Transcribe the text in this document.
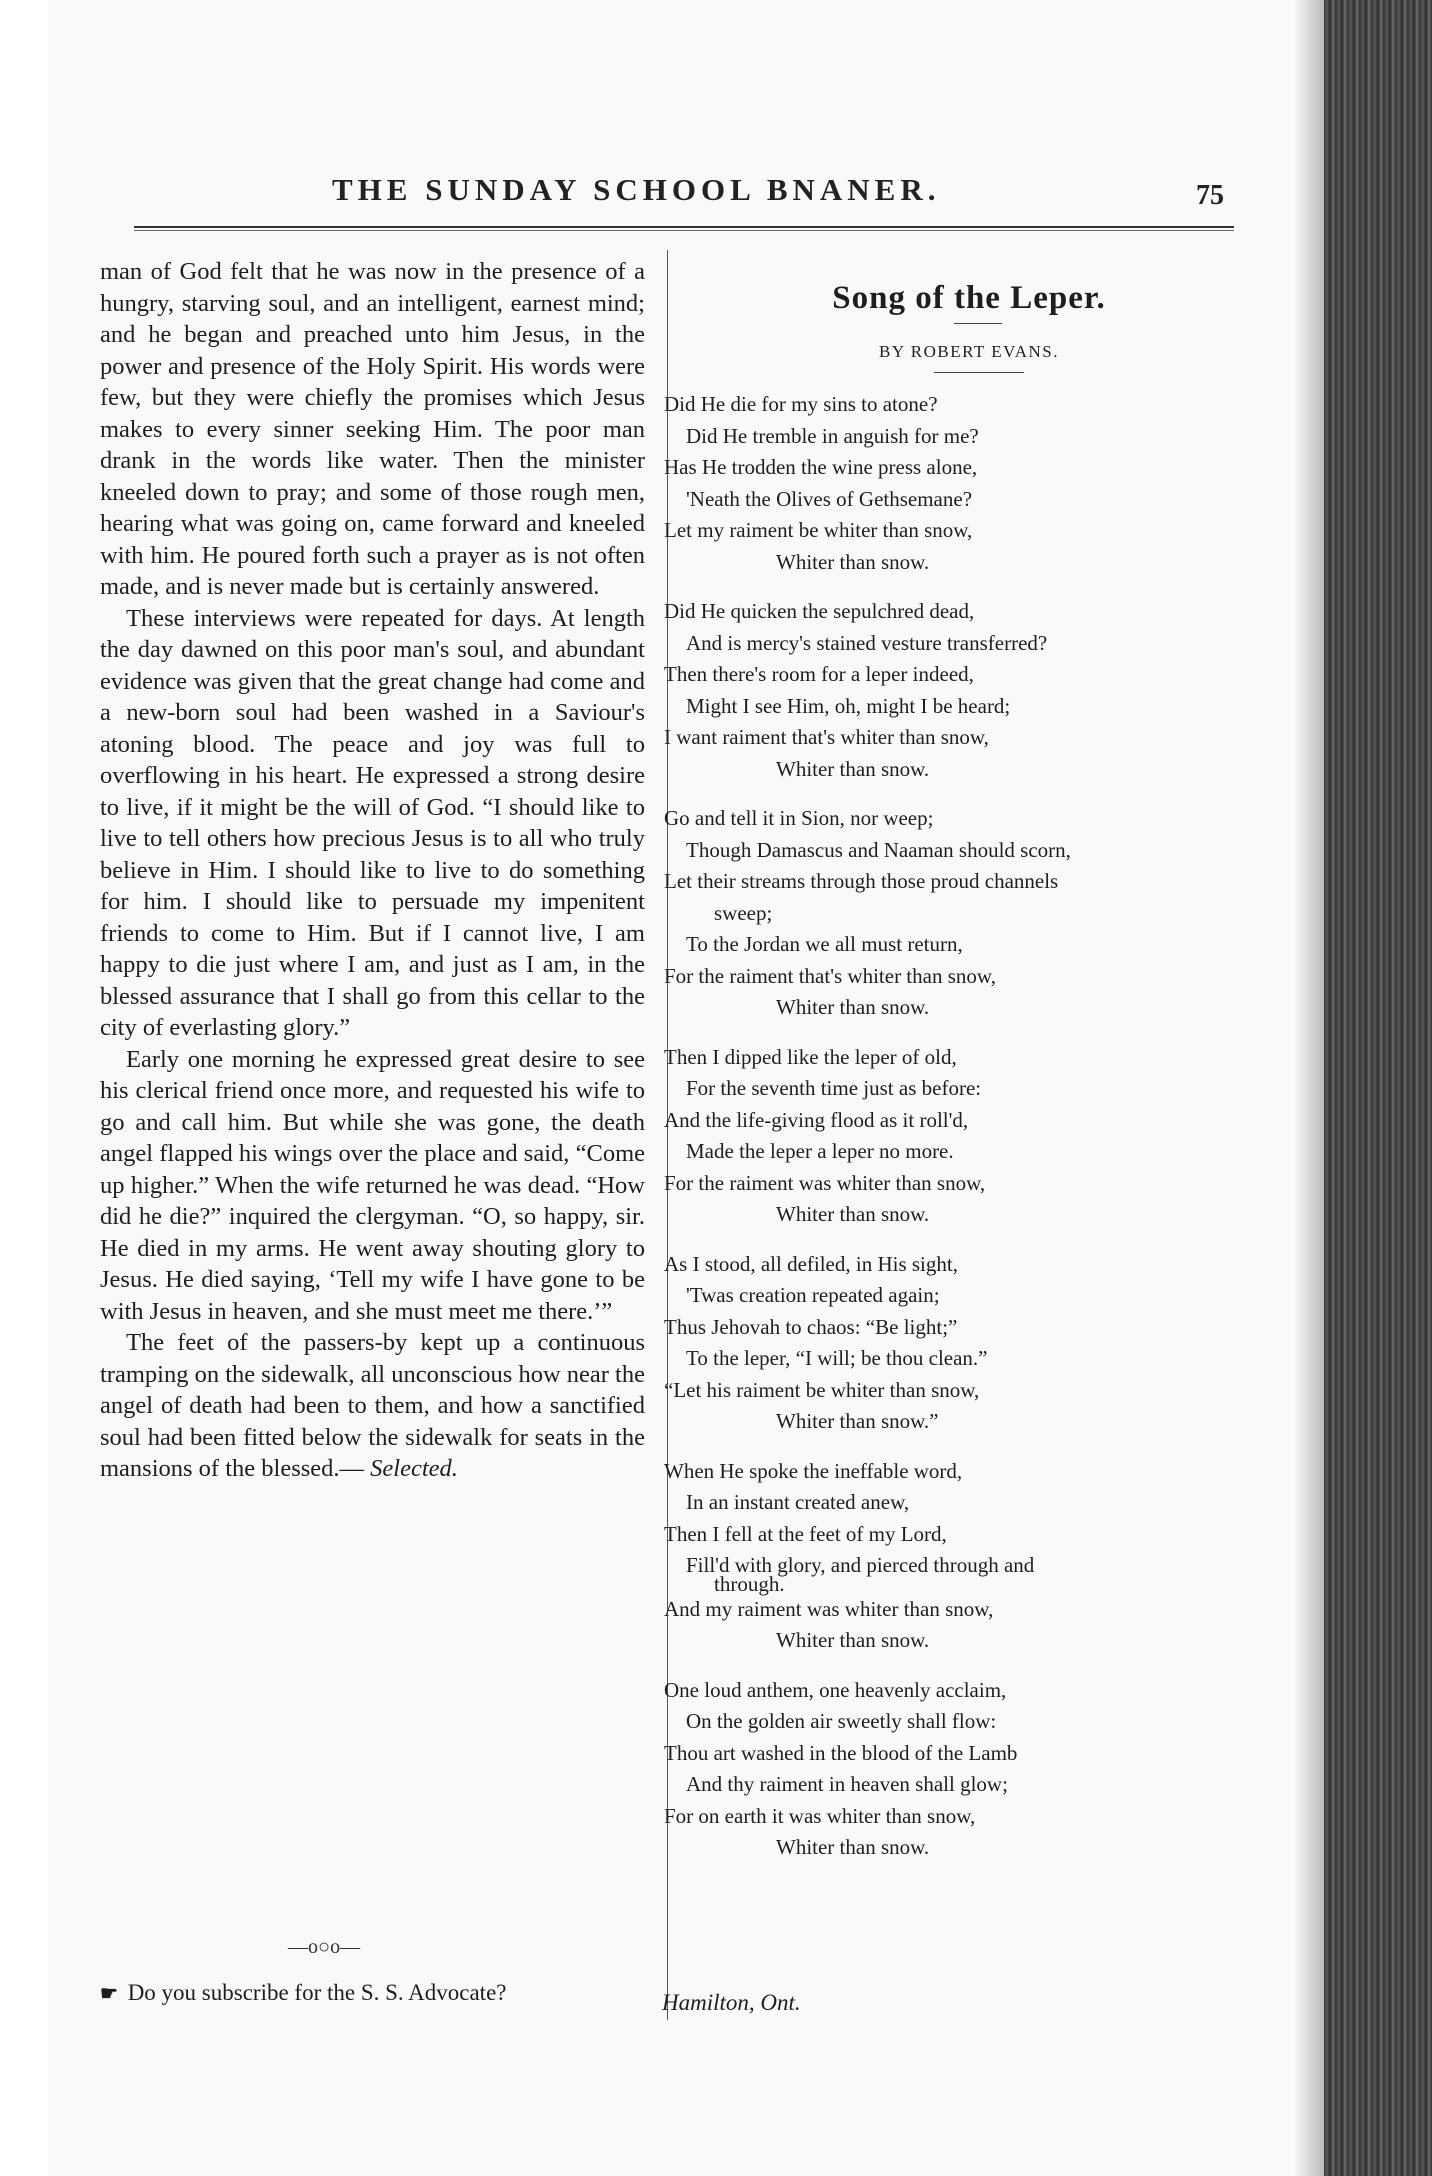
THE SUNDAY SCHOOL BNANER.	75

man of God felt that he was now in the presence of a hungry, starving soul, and an intelligent, earnest mind; and he began and preached unto him Jesus, in the power and presence of the Holy Spirit. His words were few, but they were chiefly the promises which Jesus makes to every sinner seeking Him. The poor man drank in the words like water. Then the minister kneeled down to pray; and some of those rough men, hearing what was going on, came forward and kneeled with him. He poured forth such a prayer as is not often made, and is never made but is certainly answered.

These interviews were repeated for days. At length the day dawned on this poor man's soul, and abundant evidence was given that the great change had come and a new-born soul had been washed in a Saviour's atoning blood. The peace and joy was full to overflowing in his heart. He expressed a strong desire to live, if it might be the will of God. “I should like to live to tell others how precious Jesus is to all who truly believe in Him. I should like to live to do something for him. I should like to persuade my impenitent friends to come to Him. But if I cannot live, I am happy to die just where I am, and just as I am, in the blessed assurance that I shall go from this cellar to the city of everlasting glory.”

Early one morning he expressed great desire to see his clerical friend once more, and requested his wife to go and call him. But while she was gone, the death angel flapped his wings over the place and said, “Come up higher.” When the wife returned he was dead. “How did he die?” inquired the clergyman. “O, so happy, sir. He died in my arms. He went away shouting glory to Jesus. He died saying, ‘Tell my wife I have gone to be with Jesus in heaven, and she must meet me there.’”

The feet of the passers-by kept up a continuous tramping on the sidewalk, all unconscious how near the angel of death had been to them, and how a sanctified soul had been fitted below the sidewalk for seats in the mansions of the blessed.— Selected.

—o○o—
☛ Do you subscribe for the S. S. Advocate?
Song of the Leper.
BY ROBERT EVANS.
Did He die for my sins to atone?
Did He tremble in anguish for me?
Has He trodden the wine press alone,
'Neath the Olives of Gethsemane?
Let my raiment be whiter than snow,
Whiter than snow.
Did He quicken the sepulchred dead,
And is mercy's stained vesture transferred?
Then there's room for a leper indeed,
Might I see Him, oh, might I be heard;
I want raiment that's whiter than snow,
Whiter than snow.
Go and tell it in Sion, nor weep;
Though Damascus and Naaman should scorn,
Let their streams through those proud channels
sweep;
To the Jordan we all must return,
For the raiment that's whiter than snow,
Whiter than snow.
Then I dipped like the leper of old,
For the seventh time just as before:
And the life-giving flood as it roll'd,
Made the leper a leper no more.
For the raiment was whiter than snow,
Whiter than snow.
As I stood, all defiled, in His sight,
'Twas creation repeated again;
Thus Jehovah to chaos: “Be light;”
To the leper, “I will; be thou clean.”
“Let his raiment be whiter than snow,
Whiter than snow.”
When He spoke the ineffable word,
In an instant created anew,
Then I fell at the feet of my Lord,
Fill'd with glory, and pierced through and
through.
And my raiment was whiter than snow,
Whiter than snow.
One loud anthem, one heavenly acclaim,
On the golden air sweetly shall flow:
Thou art washed in the blood of the Lamb
And thy raiment in heaven shall glow;
For on earth it was whiter than snow,
Whiter than snow.
Hamilton, Ont.
